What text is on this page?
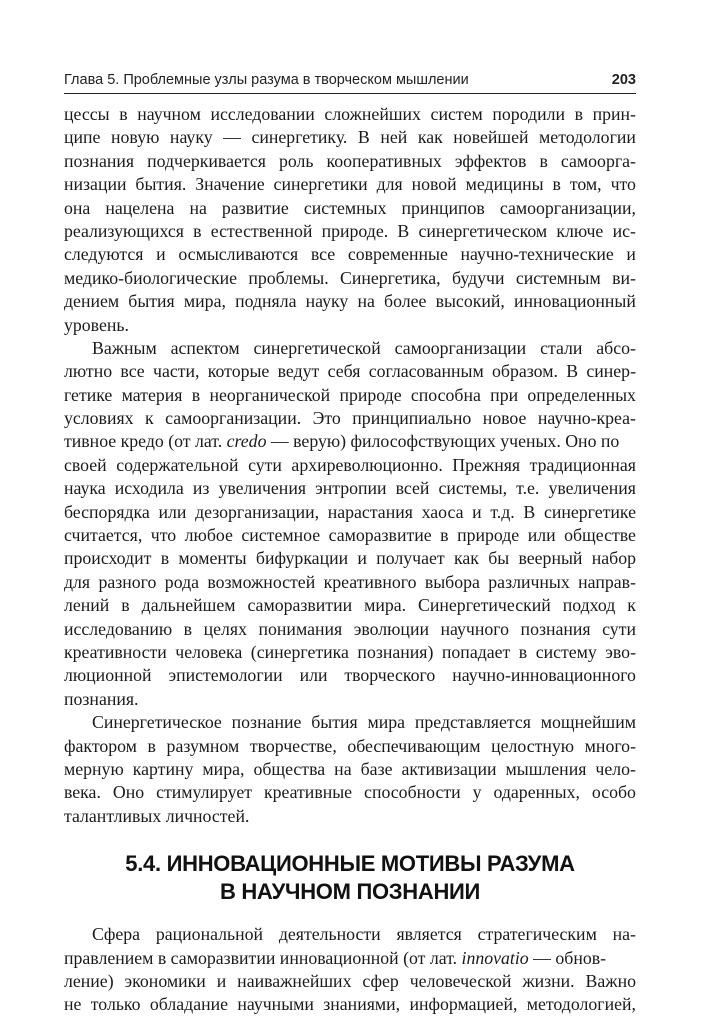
Глава 5. Проблемные узлы разума в творческом мышлении	203
цессы в научном исследовании сложнейших систем породили в прин-
ципе новую науку — синергетику. В ней как новейшей методологии
познания подчеркивается роль кооперативных эффектов в самоорга-
низации бытия. Значение синергетики для новой медицины в том, что
она нацелена на развитие системных принципов самоорганизации,
реализующихся в естественной природе. В синергетическом ключе ис-
следуются и осмысливаются все современные научно-технические и
медико-биологические проблемы. Синергетика, будучи системным ви-
дением бытия мира, подняла науку на более высокий, инновационный
уровень.
Важным аспектом синергетической самоорганизации стали абсо-
лютно все части, которые ведут себя согласованным образом. В синер-
гетике материя в неорганической природе способна при определенных
условиях к самоорганизации. Это принципиально новое научно-креа-
тивное кредо (от лат. credo — верую) философствующих ученых. Оно по
своей содержательной сути архиреволюционно. Прежняя традиционная
наука исходила из увеличения энтропии всей системы, т.е. увеличения
беспорядка или дезорганизации, нарастания хаоса и т.д. В синергетике
считается, что любое системное саморазвитие в природе или обществе
происходит в моменты бифуркации и получает как бы веерный набор
для разного рода возможностей креативного выбора различных направ-
лений в дальнейшем саморазвитии мира. Синергетический подход к
исследованию в целях понимания эволюции научного познания сути
креативности человека (синергетика познания) попадает в систему эво-
люционной эпистемологии или творческого научно-инновационного
познания.
Синергетическое познание бытия мира представляется мощнейшим
фактором в разумном творчестве, обеспечивающим целостную много-
мерную картину мира, общества на базе активизации мышления чело-
века. Оно стимулирует креативные способности у одаренных, особо
талантливых личностей.
5.4. ИННОВАЦИОННЫЕ МОТИВЫ РАЗУМА
В НАУЧНОМ ПОЗНАНИИ
Сфера рациональной деятельности является стратегическим на-
правлением в саморазвитии инновационной (от лат. innovatio — обнов-
ление) экономики и наиважнейших сфер человеческой жизни. Важно
не только обладание научными знаниями, информацией, методологией,
